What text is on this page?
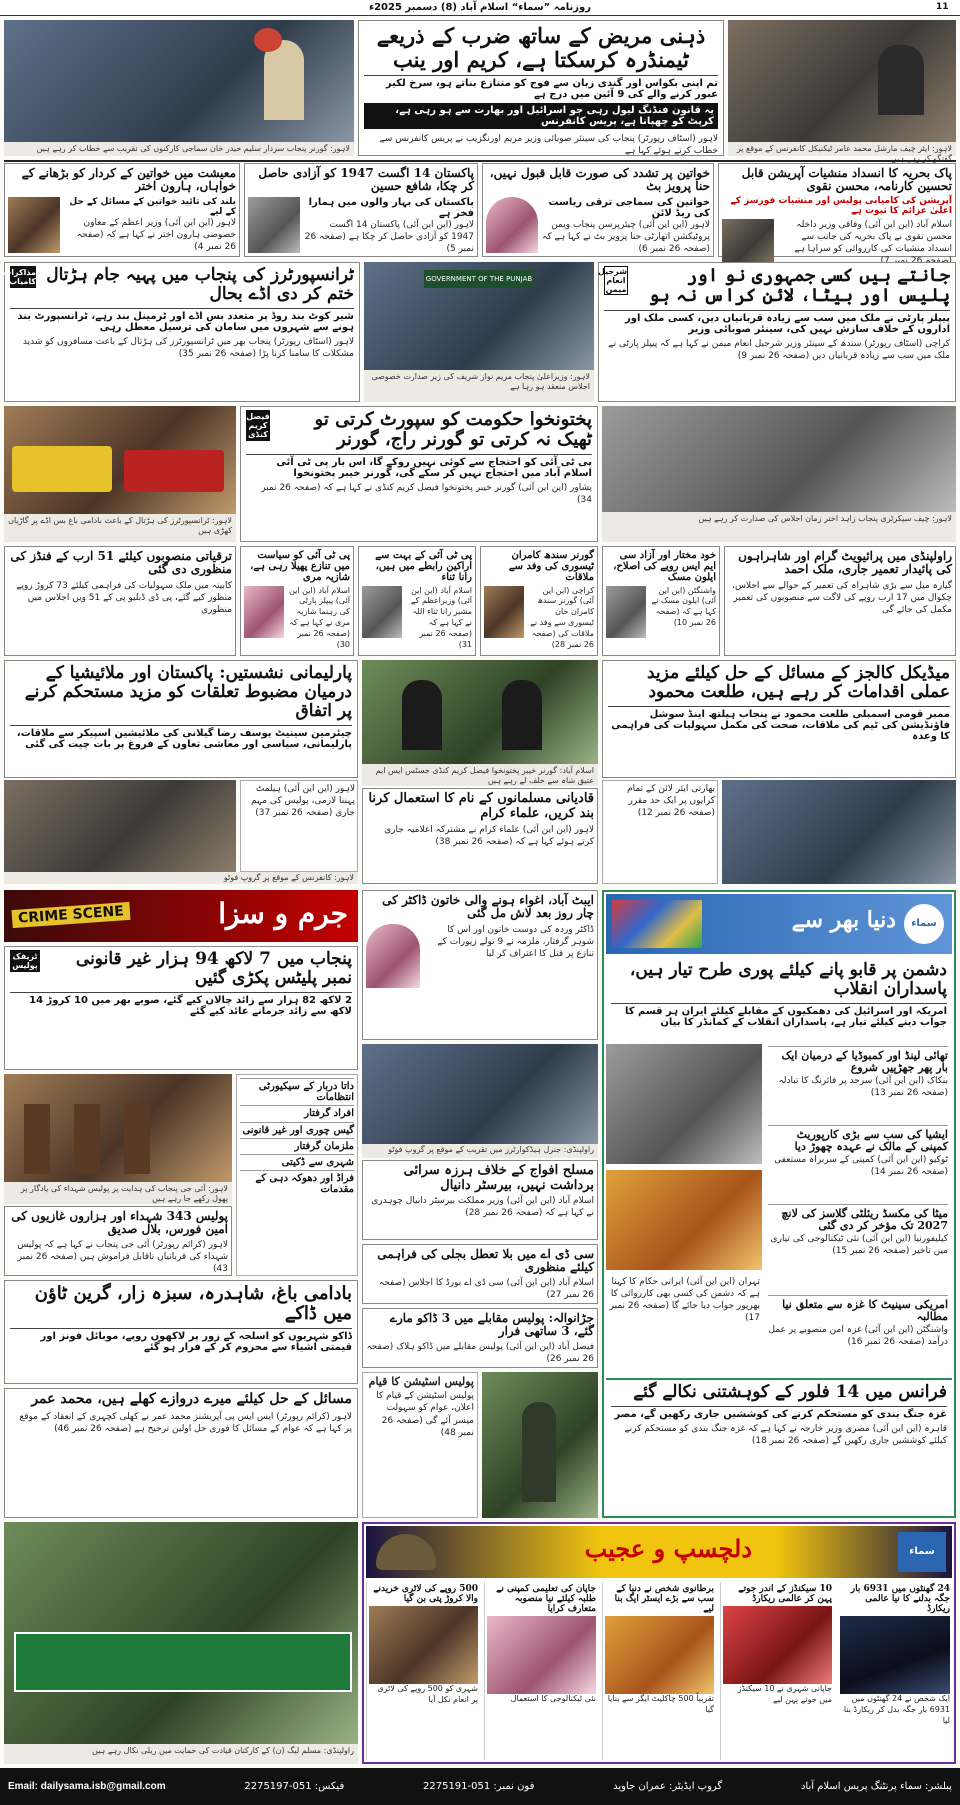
روزنامہ ”سماء“ اسلام آباد (8) دسمبر 2025ء	11
لاہور: گورنر پنجاب سردار سلیم حیدر خان سماجی کارکنوں کی تقریب سے خطاب کر رہے ہیں
ذہنی مریض کے ساتھ ضرب کے ذریعے ٹیمنڈرہ کرسکتا ہے، کریم اور ینب
تم اپنی بکواس اور گندی زبان سے فوج کو متنازع بناتے ہو، سرخ لکیر عبور کرنے والے کی 9 آئین میں درج ہے
یہ قانون فنڈنگ لیول رہی جو اسرائیل اور بھارت سے ہو رہی ہے، کرپٹ کو چھپانا ہے، پریس کانفرنس
لاہور (اسٹاف رپورٹر) پنجاب کی سینئر صوبائی وزیر مریم اورنگزیب نے پریس کانفرنس سے خطاب کرتے ہوئے کہا ہے	لاہور: ایئر چیف مارشل محمد عامر ٹیکنیکل کانفرنس کے موقع پر گفتگو کر رہے ہیں
پاک بحریہ کا انسداد منشیات آپریشن قابل تحسین کارنامہ، محسن نقوی
آپریشن کی کامیابی پولیس اور منشیات فورسز کے اعلیٰ عزائم کا ثبوت ہے
اسلام آباد (این این آئی) وفاقی وزیر داخلہ محسن نقوی نے پاک بحریہ کی جانب سے انسداد منشیات کی کارروائی کو سراہا ہے
خواتین پر تشدد کی صورت قابل قبول نہیں، حنا پرویز بٹ
خواتین کی سماجی ترقی ریاست کی ریڈ لائن
لاہور (این این آئی) چیئرپرسن پنجاب ویمن پروٹیکشن اتھارٹی حنا پرویز بٹ نے کہا ہے کہ (صفحہ 26 نمبر 6)
پاکستان 14 اگست 1947 کو آزادی حاصل کر چکا، شافع حسین
پاکستان کی بہار والوں میں ہمارا فخر ہے
لاہور (این این آئی) پاکستان 14 اگست 1947 کو آزادی حاصل کر چکا ہے (صفحہ 26 نمبر 5)
معیشت میں خواتین کے کردار کو بڑھانے کے خواہاں، ہارون اختر
بلند کی تائید خواتین کے مسائل کے حل کے لیے
لاہور (این این آئی) وزیر اعظم کے معاون خصوصی ہارون اختر نے کہا ہے کہ (صفحہ 26 نمبر 4)
جانتے ہیں کسی جمہوری نو اور پلیس اور بیٹا، لائن کراس نہ ہو
شرجیل انعام میمن
پیپلز پارٹی نے ملک میں سب سے زیادہ قربانیاں دیں، کسی ملک اور اداروں کے خلاف سازش نہیں کی، سینئر صوبائی وزیر
کراچی (اسٹاف رپورٹر) سندھ کے سینئر وزیر شرجیل انعام میمن نے کہا ہے کہ پیپلز پارٹی نے ملک میں سب سے زیادہ قربانیاں دیں (صفحہ 26 نمبر 9)
GOVERNMENT OF THE PUNJAB
لاہور: وزیراعلیٰ پنجاب مریم نواز شریف کی زیر صدارت خصوصی اجلاس منعقد ہو رہا ہے
ٹرانسپورٹرز کی پنجاب میں پہیہ جام ہڑتال ختم کر دی اڈے بحال
مذاکرات کامیاب
شیر کوٹ بند روڈ پر متعدد بس اڈے اور ٹرمینل بند رہے، ٹرانسپورٹ بند ہونے سے شہروں میں سامان کی ترسیل معطل رہی
لاہور (اسٹاف رپورٹر) پنجاب بھر میں ٹرانسپورٹرز کی ہڑتال کے باعث مسافروں کو شدید مشکلات کا سامنا کرنا پڑا (صفحہ 26 نمبر 35)
لاہور: ٹرانسپورٹرز کی ہڑتال کے باعث بادامی باغ بس اڈے پر گاڑیاں کھڑی ہیں
پختونخوا حکومت کو سپورٹ کرتی تو ٹھیک نہ کرتی تو گورنر راج، گورنر
فیصل کریم کنڈی
پی ٹی آئی کو احتجاج سے کوئی نہیں روکے گا، اس بار پی ٹی آئی اسلام آباد میں احتجاج نہیں کر سکے گی، گورنر خیبر پختونخوا
پشاور (این این آئی) گورنر خیبر پختونخوا فیصل کریم کنڈی نے کہا ہے کہ (صفحہ 26 نمبر 34)
لاہور: چیف سیکرٹری پنجاب زاہد اختر زمان اجلاس کی صدارت کر رہے ہیں
ترقیاتی منصوبوں کیلئے 51 ارب کے فنڈز کی منظوری دی گئی
کابینہ میں ملک سہولیات کی فراہمی کیلئے 73 کروڑ روپے منظور کیے گئے، پی ڈی ڈبلیو پی کے 51 ویں اجلاس میں منظوری
پی ٹی آئی کو سیاست میں تنازع پھیلا رہی ہے، شازیہ مری
اسلام آباد (این این آئی) پیپلز پارٹی کی رہنما شازیہ مری نے کہا ہے کہ (صفحہ 26 نمبر 30)
پی ٹی آئی کے بہت سے اراکین رابطے میں ہیں، رانا ثناء
اسلام آباد (این این آئی) وزیراعظم کے مشیر رانا ثناء اللہ نے کہا ہے کہ (صفحہ 26 نمبر 31)
گورنر سندھ کامران ٹیسوری کی وفد سے ملاقات
کراچی (این این آئی) گورنر سندھ کامران خان ٹیسوری سے وفد نے ملاقات کی (صفحہ 26 نمبر 28)
خود مختار اور آزاد سی ایم ایس رویے کی اصلاح، ایلون مسک
واشنگٹن (این این آئی) ایلون مسک نے کہا ہے کہ (صفحہ 26 نمبر 10)
راولپنڈی میں پرائیویٹ گرام اور شاہراہوں کی پائیدار تعمیر جاری، ملک احمد
گیارہ میل سے بڑی شاہراہ کی تعمیر کے حوالے سے اجلاس، چکوال میں 17 ارب روپے کی لاگت سے منصوبوں کی تعمیر مکمل کی جائے گی
پارلیمانی نشستیں: پاکستان اور ملائیشیا کے درمیان مضبوط تعلقات کو مزید مستحکم کرنے پر اتفاق
چیئرمین سینیٹ یوسف رضا گیلانی کی ملائیشین اسپیکر سے ملاقات، پارلیمانی، سیاسی اور معاشی تعاون کے فروغ پر بات چیت کی گئی
لاہور (این این آئی) ہیلمٹ پہننا لازمی، پولیس کی مہم جاری (صفحہ 26 نمبر 37)
لاہور: کانفرنس کے موقع پر گروپ فوٹو
اسلام آباد: گورنر خیبر پختونخوا فیصل کریم کنڈی جسٹس ایس ایم عتیق شاہ سے حلف لے رہے ہیں
قادیانی مسلمانوں کے نام کا استعمال کرنا بند کریں، علماء کرام
لاہور (این این آئی) علماء کرام نے مشترکہ اعلامیہ جاری کرتے ہوئے کہا ہے کہ (صفحہ 26 نمبر 38)
میڈیکل کالجز کے مسائل کے حل کیلئے مزید عملی اقدامات کر رہے ہیں، طلعت محمود
ممبر قومی اسمبلی طلعت محمود نے پنجاب ہیلتھ اینڈ سوشل فاؤنڈیشن کی ٹیم کی ملاقات، صحت کی مکمل سہولیات کی فراہمی کا وعدہ
بھارتی ایئر لائن کے تمام کرایوں پر ایک حد مقرر (صفحہ 26 نمبر 12)
CRIME SCENE	جرم و سزا
پنجاب میں 7 لاکھ 94 ہزار غیر قانونی نمبر پلیٹس پکڑی گئیں
ٹریفک پولیس
2 لاکھ 82 ہزار سے زائد چالان کیے گئے، صوبے بھر میں 10 کروڑ 14 لاکھ سے زائد جرمانے عائد کیے گئے
لاہور: آئی جی پنجاب کی ہدایت پر پولیس شہداء کی یادگار پر پھول رکھے جا رہے ہیں
پولیس 343 شہداء اور ہزاروں غازیوں کی امین فورس، بلال صدیق
لاہور (کرائم رپورٹر) آئی جی پنجاب نے کہا ہے کہ پولیس شہداء کی قربانیاں ناقابل فراموش ہیں (صفحہ 26 نمبر 43)
داتا دربار کے سیکیورٹی انتظامات
افراد گرفتار
گیس چوری اور غیر قانونی
ملزمان گرفتار
شہری سے ڈکیتی
فراڈ اور دھوکہ دہی کے مقدمات
بادامی باغ، شاہدرہ، سبزہ زار، گرین ٹاؤن میں ڈاکے
ڈاکو شہریوں کو اسلحہ کے زور پر لاکھوں روپے، موبائل فونز اور قیمتی اشیاء سے محروم کر کے فرار ہو گئے
مسائل کے حل کیلئے میرے دروازے کھلے ہیں، محمد عمر
لاہور (کرائم رپورٹر) ایس ایس پی آپریشنز محمد عمر نے کھلی کچہری کے انعقاد کے موقع پر کہا ہے کہ عوام کے مسائل کا فوری حل اولین ترجیح ہے (صفحہ 26 نمبر 46)
ایبٹ آباد، اغواء ہونے والی خاتون ڈاکٹر کی چار روز بعد لاش مل گئی
ڈاکٹر وردہ کی دوست خاتون اور اس کا شوہر گرفتار، ملزمہ نے 9 تولے زیورات کے تنازع پر قتل کا اعتراف کر لیا
راولپنڈی: جنرل ہیڈکوارٹرز میں تقریب کے موقع پر گروپ فوٹو
مسلح افواج کے خلاف ہرزہ سرائی برداشت نہیں، بیرسٹر دانیال
اسلام آباد (این این آئی) وزیر مملکت بیرسٹر دانیال چوہدری نے کہا ہے کہ (صفحہ 26 نمبر 28)
سی ڈی اے میں بلا تعطل بجلی کی فراہمی کیلئے منظوری
اسلام آباد (این این آئی) سی ڈی اے بورڈ کا اجلاس (صفحہ 26 نمبر 27)
جڑانوالہ: پولیس مقابلے میں 3 ڈاکو مارے گئے، 3 ساتھی فرار
فیصل آباد (این این آئی) پولیس مقابلے میں ڈاکو ہلاک (صفحہ 26 نمبر 26)
پولیس اسٹیشن کا قیام
پولیس اسٹیشن کے قیام کا اعلان، عوام کو سہولت میسر آئے گی (صفحہ 26 نمبر 48)
دنیا بھر سے	سماء
دشمن پر قابو پانے کیلئے پوری طرح تیار ہیں، پاسداران انقلاب
امریکہ اور اسرائیل کی دھمکیوں کے مقابلے کیلئے ایران ہر قسم کا جواب دینے کیلئے تیار ہے، پاسداران انقلاب کے کمانڈر کا بیان
تھائی لینڈ اور کمبوڈیا کے درمیان ایک بار پھر جھڑپیں شروع
بنکاک (این این آئی) سرحد پر فائرنگ کا تبادلہ (صفحہ 26 نمبر 13)
ایشیا کی سب سے بڑی کارپوریٹ کمپنی کے مالک نے عہدہ چھوڑ دیا
ٹوکیو (این این آئی) کمپنی کے سربراہ مستعفی (صفحہ 26 نمبر 14)
میٹا کی مکسڈ ریئلٹی گلاسز کی لانچ 2027 تک مؤخر کر دی گئی
کیلیفورنیا (این این آئی) نئی ٹیکنالوجی کی تیاری میں تاخیر (صفحہ 26 نمبر 15)
امریکی سینیٹ کا غزہ سے متعلق نیا مطالبہ
واشنگٹن (این این آئی) غزہ امن منصوبے پر عمل درآمد (صفحہ 26 نمبر 16)
تہران (این این آئی) ایرانی حکام کا کہنا ہے کہ دشمن کی کسی بھی کارروائی کا بھرپور جواب دیا جائے گا (صفحہ 26 نمبر 17)
فرانس میں 14 فلور کے کوہشتنی نکالے گئے
غزہ جنگ بندی کو مستحکم کرنے کی کوششیں جاری رکھیں گے، مصر
قاہرہ (این این آئی) مصری وزیر خارجہ نے کہا ہے کہ غزہ جنگ بندی کو مستحکم کرنے کیلئے کوششیں جاری رکھیں گے (صفحہ 26 نمبر 18)
دلچسپ و عجیب	سماء
24 گھنٹوں میں 6931 بار جگہ بدلنے کا نیا عالمی ریکارڈ
ایک شخص نے 24 گھنٹوں میں 6931 بار جگہ بدل کر ریکارڈ بنا لیا
10 سیکنڈز کے اندر جوتے پہن کر عالمی ریکارڈ
جاپانی شہری نے 10 سیکنڈز میں جوتے پہن لیے
برطانوی شخص نے دنیا کے سب سے بڑے ایسٹر ایگ بنا لیے
تقریباً 500 چاکلیٹ ایگز سے بنایا گیا
جاپان کی تعلیمی کمپنی نے طلبہ کیلئے نیا منصوبہ متعارف کرایا
نئی ٹیکنالوجی کا استعمال
500 روپے کی لاٹری خریدنے والا کروڑ پتی بن گیا
شہری کو 500 روپے کی لاٹری پر انعام نکل آیا
راولپنڈی: مسلم لیگ (ن) کے کارکنان قیادت کی حمایت میں ریلی نکال رہے ہیں
Email: dailysama.isb@gmail.com	فیکس: 051-2275197	فون نمبر: 051-2275191	گروپ ایڈیٹر: عمران جاوید	پبلشر: سماء پرنٹنگ پریس اسلام آباد
